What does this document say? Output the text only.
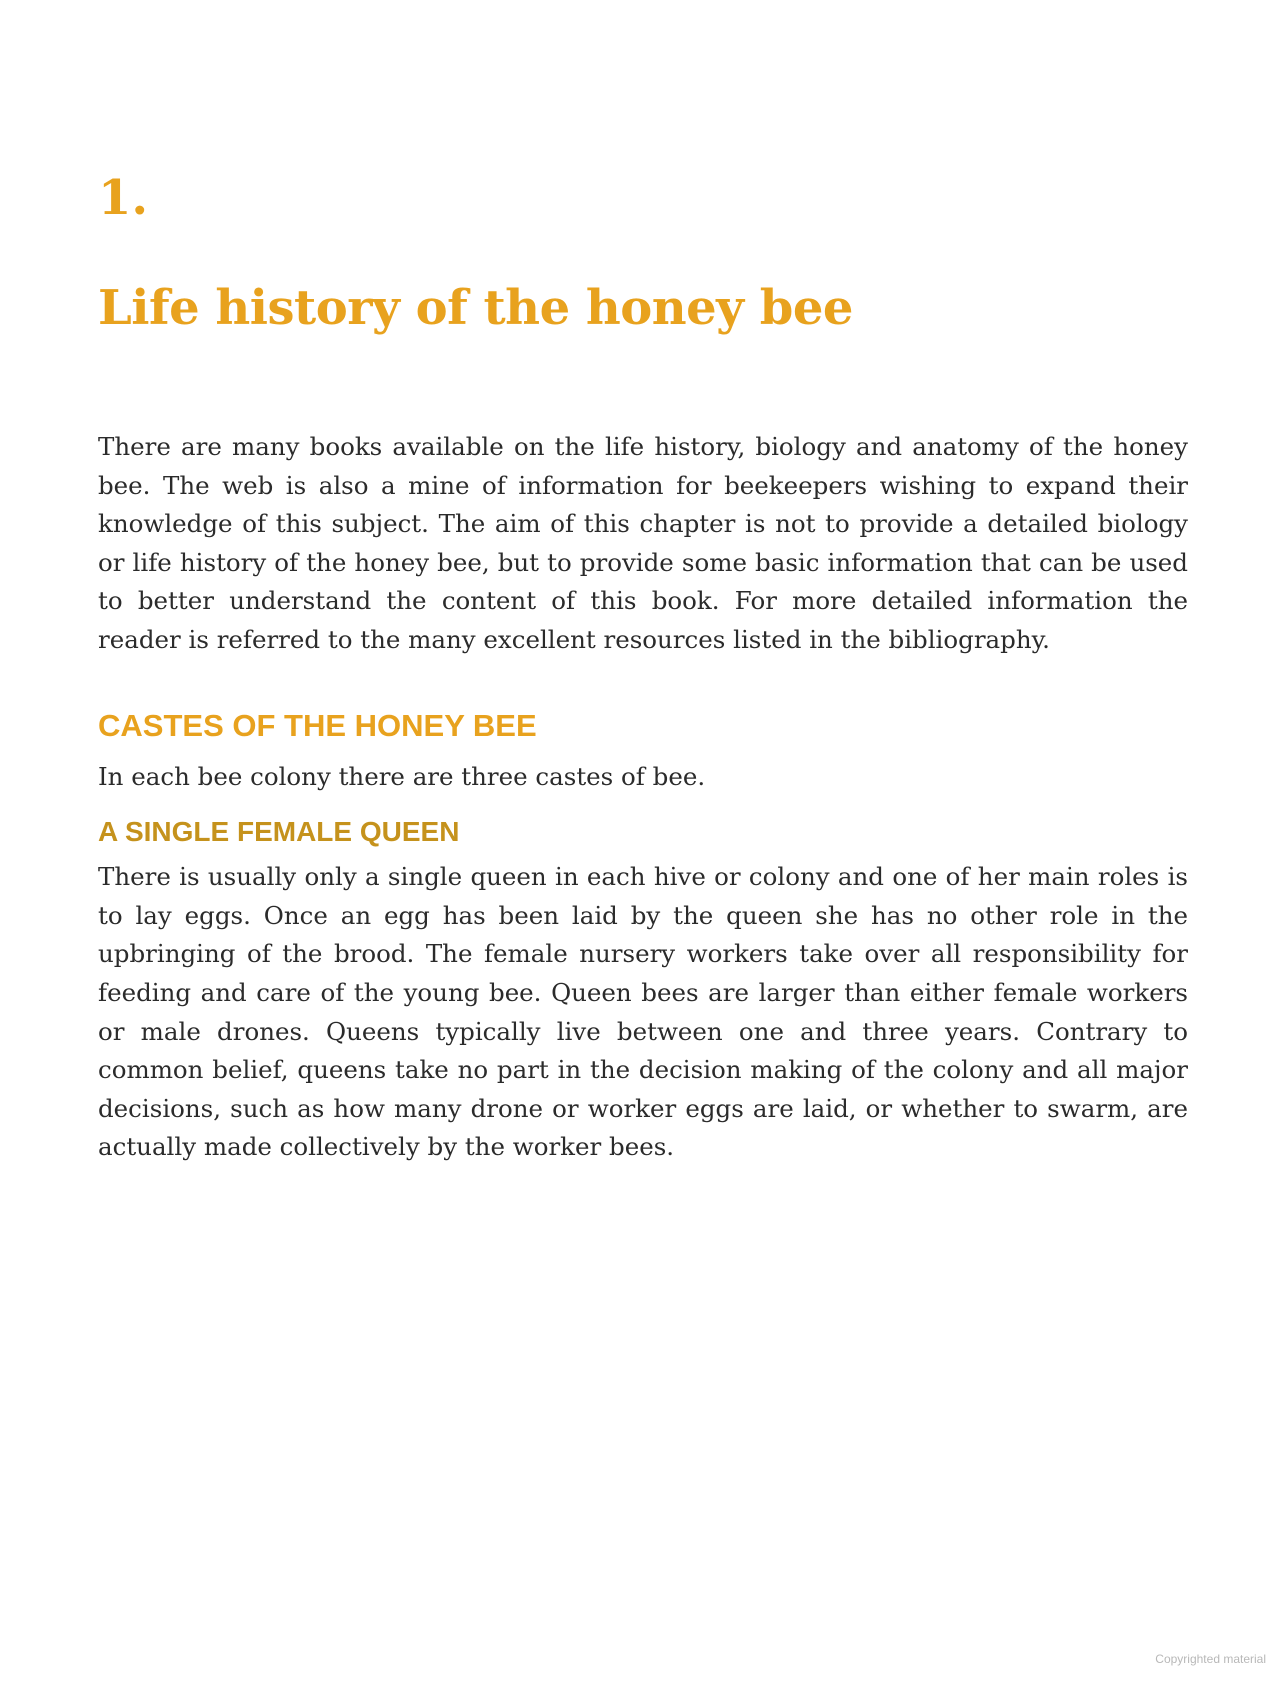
1.
Life history of the honey bee

There are many books available on the life history, biology and anatomy of the honey bee. The web is also a mine of information for beekeepers wishing to expand their knowledge of this subject. The aim of this chapter is not to provide a detailed biology or life history of the honey bee, but to provide some basic information that can be used to better understand the content of this book. For more detailed information the reader is referred to the many excellent resources listed in the bibliography.

CASTES OF THE HONEY BEE

In each bee colony there are three castes of bee.

A SINGLE FEMALE QUEEN

There is usually only a single queen in each hive or colony and one of her main roles is to lay eggs. Once an egg has been laid by the queen she has no other role in the upbringing of the brood. The female nursery workers take over all responsibility for feeding and care of the young bee. Queen bees are larger than either female workers or male drones. Queens typically live between one and three years. Contrary to common belief, queens take no part in the decision making of the colony and all major decisions, such as how many drone or worker eggs are laid, or whether to swarm, are actually made collectively by the worker bees.

Copyrighted material
